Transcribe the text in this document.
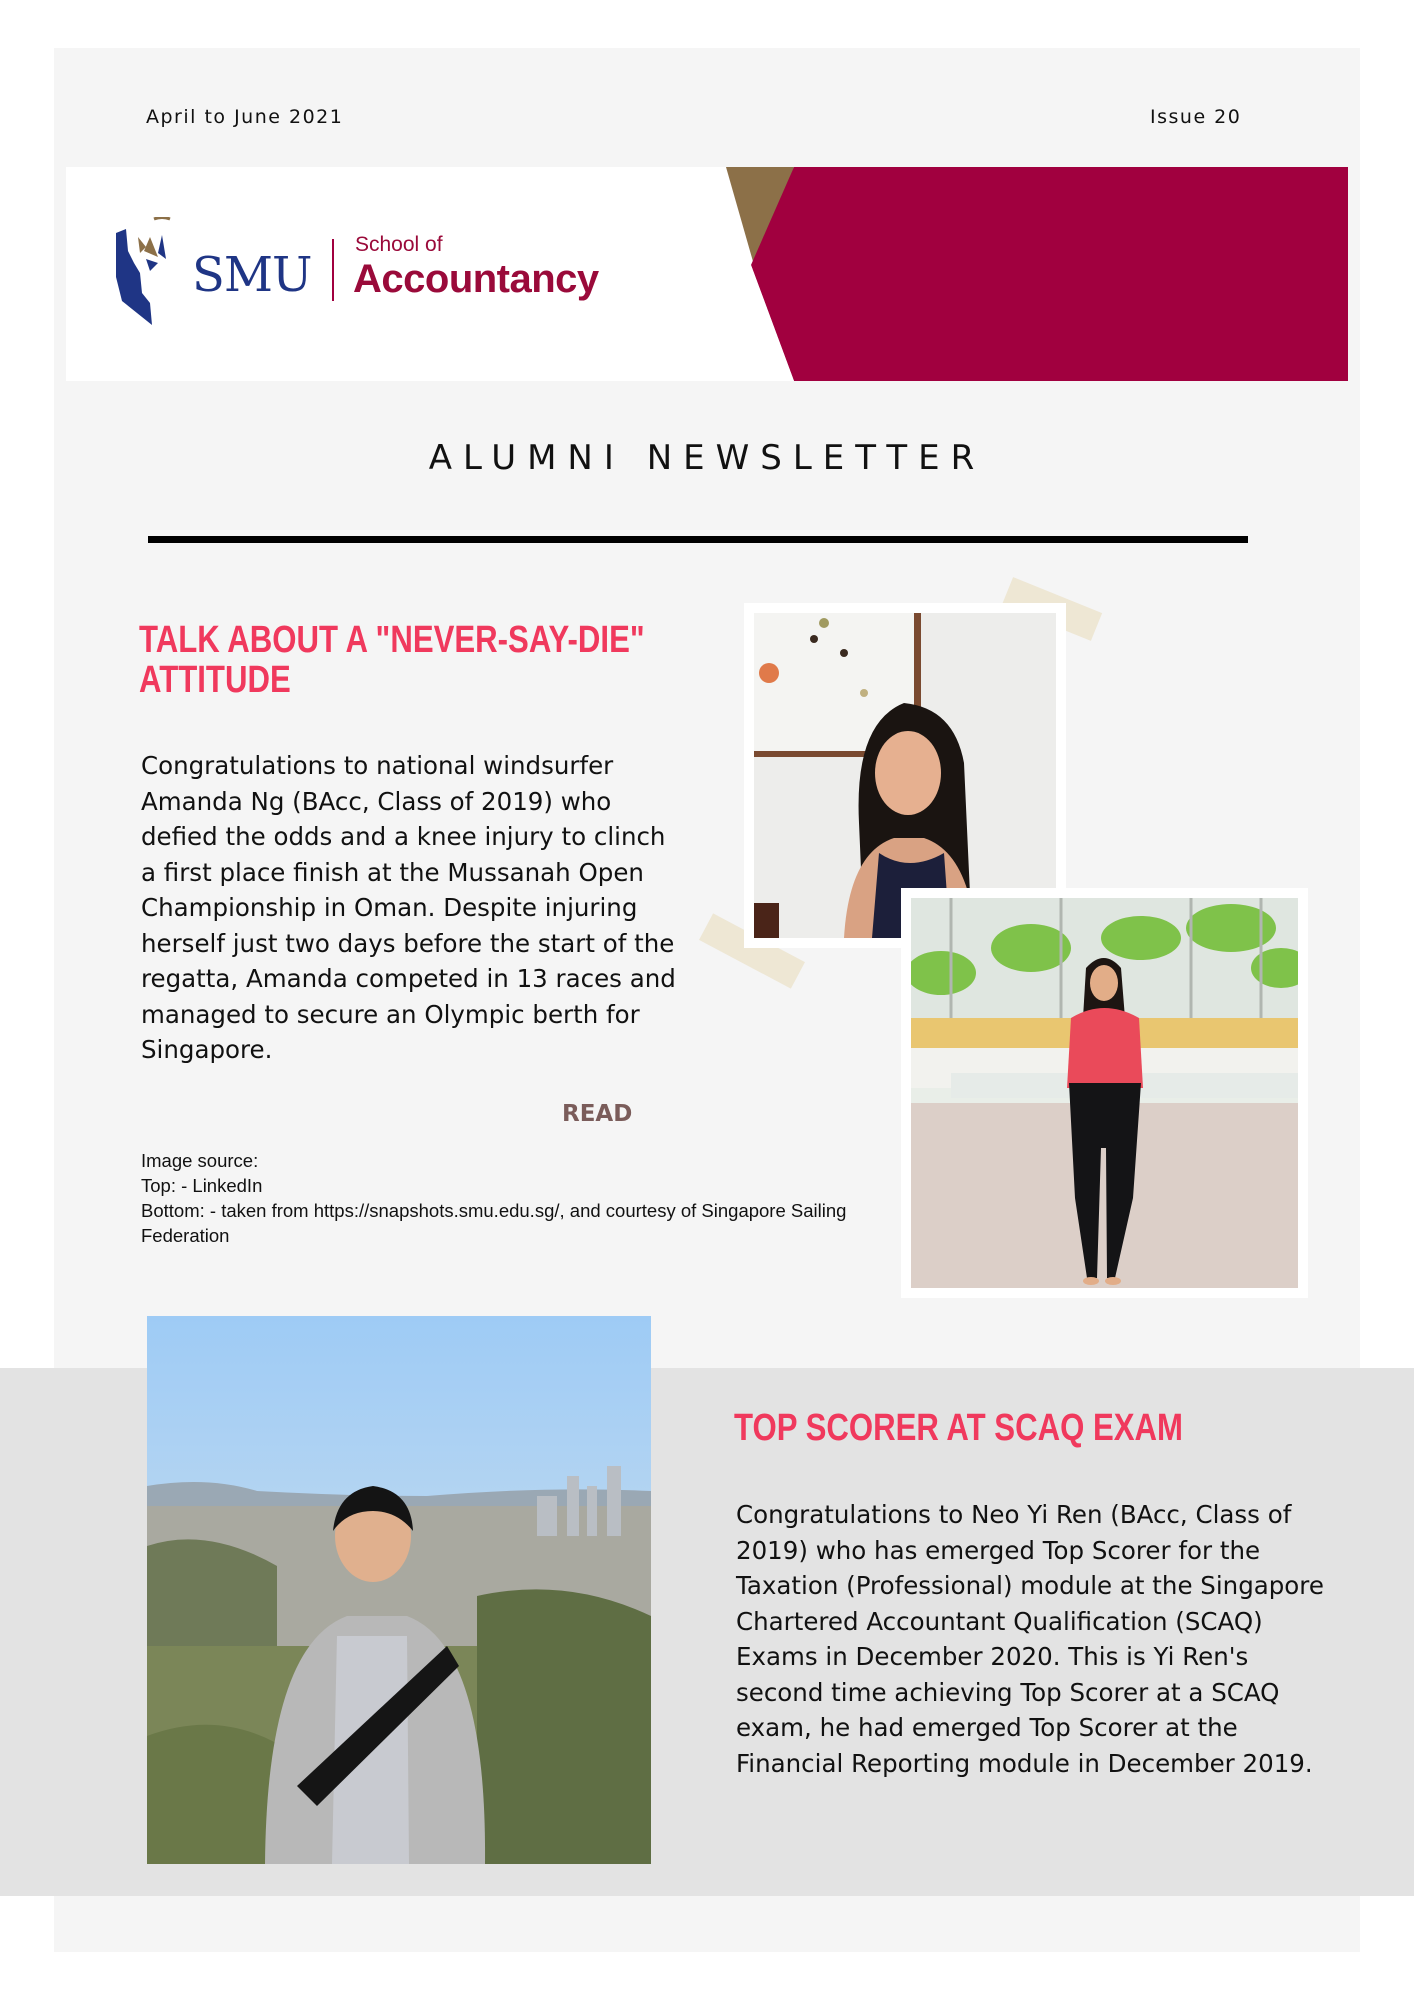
April to June 2021	Issue 20
SMU
School of
Accountancy
ALUMNI NEWSLETTER
TALK ABOUT A "NEVER-SAY-DIE" ATTITUDE
Congratulations to national windsurfer Amanda Ng (BAcc, Class of 2019) who defied the odds and a knee injury to clinch a first place finish at the Mussanah Open Championship in Oman. Despite injuring herself just two days before the start of the regatta, Amanda competed in 13 races and managed to secure an Olympic berth for Singapore.
READ
Image source:
Top: - LinkedIn
Bottom: - taken from https://snapshots.smu.edu.sg/, and courtesy of Singapore Sailing Federation
TOP SCORER AT SCAQ EXAM
Congratulations to Neo Yi Ren (BAcc, Class of 2019) who has emerged Top Scorer for the Taxation (Professional) module at the Singapore Chartered Accountant Qualification (SCAQ) Exams in December 2020. This is Yi Ren's second time achieving Top Scorer at a SCAQ exam, he had emerged Top Scorer at the Financial Reporting module in December 2019.
